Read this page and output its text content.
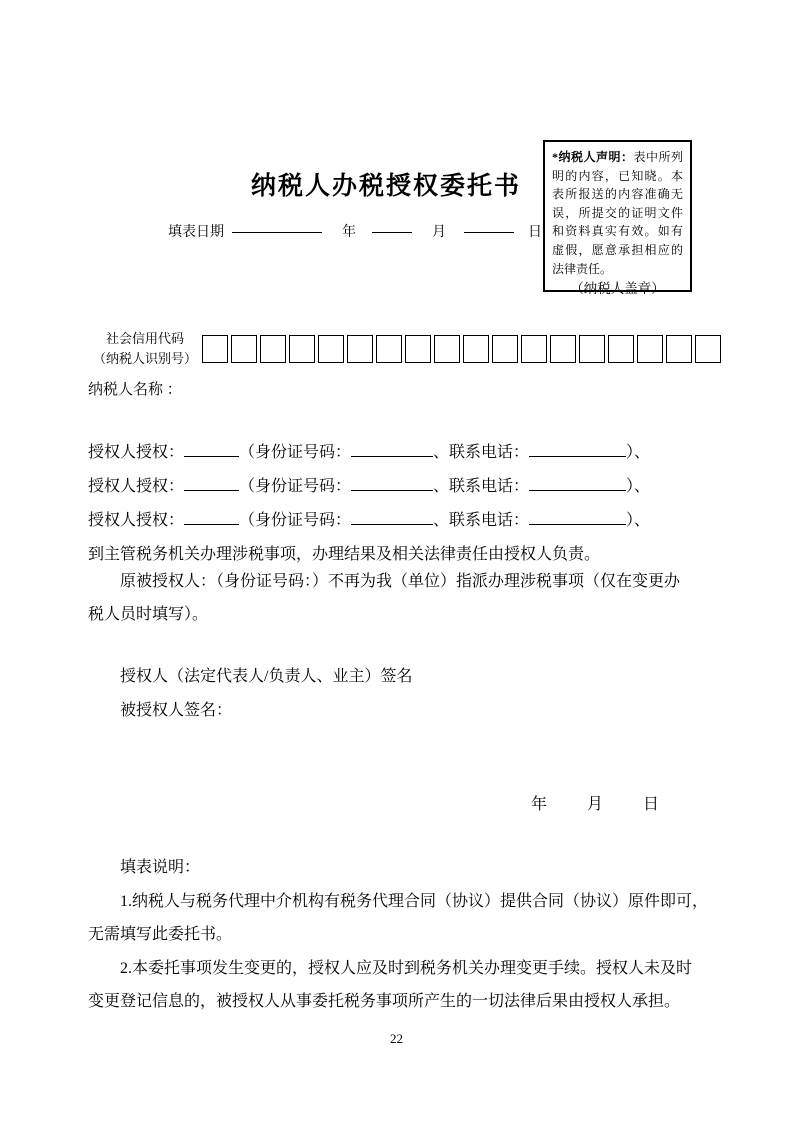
纳税人办税授权委托书
填表日期	年	月	日
*纳税人声明：表中所列明的内容，已知晓。本表所报送的内容准确无误，所提交的证明文件和资料真实有效。如有虚假，愿意承担相应的法律责任。
（纳税人盖章）
社会信用代码
（纳税人识别号）
纳税人名称 ：
授权人授权：	（身份证号码：	、联系电话：	）、
授权人授权：	（身份证号码：	、联系电话：	）、
授权人授权：	（身份证号码：	、联系电话：	）、
到主管税务机关办理涉税事项，办理结果及相关法律责任由授权人负责。
原被授权人：（身份证号码：）不再为我（单位）指派办理涉税事项（仅在变更办
税人员时填写）。
授权人（法定代表人/负责人、业主）签名
被授权人签名：
年	月	日
填表说明：
1.纳税人与税务代理中介机构有税务代理合同（协议）提供合同（协议）原件即可，
无需填写此委托书。
2.本委托事项发生变更的，授权人应及时到税务机关办理变更手续。授权人未及时
变更登记信息的，被授权人从事委托税务事项所产生的一切法律后果由授权人承担。
22
